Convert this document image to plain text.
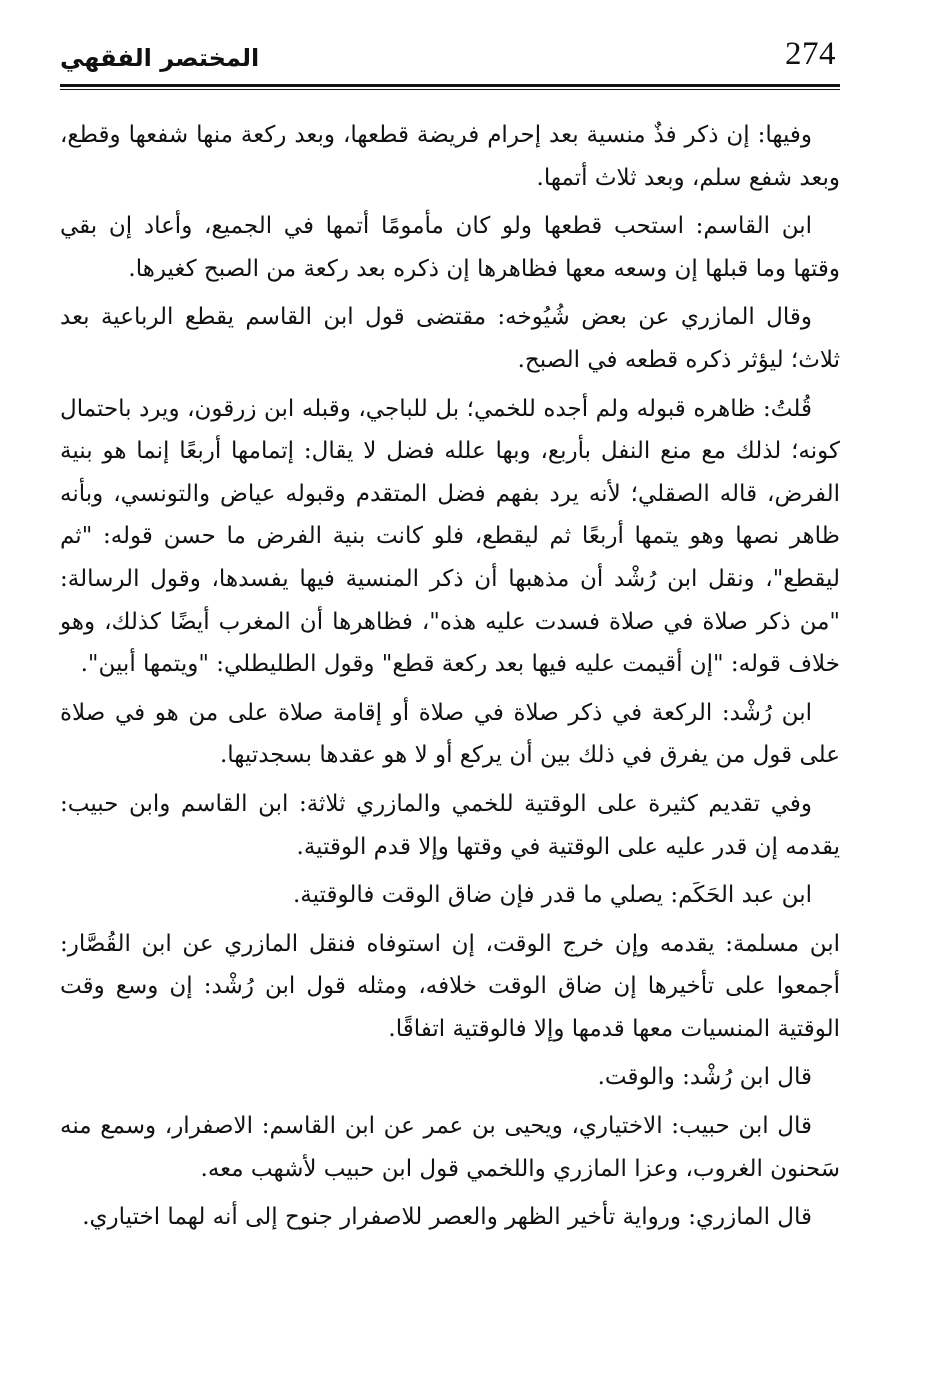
274
المختصر الفقهي

وفيها: إن ذكر فذٌ منسية بعد إحرام فريضة قطعها، وبعد ركعة منها شفعها وقطع، وبعد شفع سلم، وبعد ثلاث أتمها.

ابن القاسم: استحب قطعها ولو كان مأمومًا أتمها في الجميع، وأعاد إن بقي وقتها وما قبلها إن وسعه معها فظاهرها إن ذكره بعد ركعة من الصبح كغيرها.

وقال المازري عن بعض شُيُوخه: مقتضى قول ابن القاسم يقطع الرباعية بعد ثلاث؛ ليؤثر ذكره قطعه في الصبح.

قُلتُ: ظاهره قبوله ولم أجده للخمي؛ بل للباجي، وقبله ابن زرقون، ويرد باحتمال كونه؛ لذلك مع منع النفل بأربع، وبها علله فضل لا يقال: إتمامها أربعًا إنما هو بنية الفرض، قاله الصقلي؛ لأنه يرد بفهم فضل المتقدم وقبوله عياض والتونسي، وبأنه ظاهر نصها وهو يتمها أربعًا ثم ليقطع، فلو كانت بنية الفرض ما حسن قوله: "ثم ليقطع"، ونقل ابن رُشْد أن مذهبها أن ذكر المنسية فيها يفسدها، وقول الرسالة: "من ذكر صلاة في صلاة فسدت عليه هذه"، فظاهرها أن المغرب أيضًا كذلك، وهو خلاف قوله: "إن أقيمت عليه فيها بعد ركعة قطع" وقول الطليطلي: "ويتمها أبين".

ابن رُشْد: الركعة في ذكر صلاة في صلاة أو إقامة صلاة على من هو في صلاة على قول من يفرق في ذلك بين أن يركع أو لا هو عقدها بسجدتيها.

وفي تقديم كثيرة على الوقتية للخمي والمازري ثلاثة: ابن القاسم وابن حبيب: يقدمه إن قدر عليه على الوقتية في وقتها وإلا قدم الوقتية.

ابن عبد الحَكَم: يصلي ما قدر فإن ضاق الوقت فالوقتية.

ابن مسلمة: يقدمه وإن خرج الوقت، إن استوفاه فنقل المازري عن ابن القُصَّار: أجمعوا على تأخيرها إن ضاق الوقت خلافه، ومثله قول ابن رُشْد: إن وسع وقت الوقتية المنسيات معها قدمها وإلا فالوقتية اتفاقًا.

قال ابن رُشْد: والوقت.

قال ابن حبيب: الاختياري، ويحيى بن عمر عن ابن القاسم: الاصفرار، وسمع منه سَحنون الغروب، وعزا المازري واللخمي قول ابن حبيب لأشهب معه.

قال المازري: ورواية تأخير الظهر والعصر للاصفرار جنوح إلى أنه لهما اختياري.
